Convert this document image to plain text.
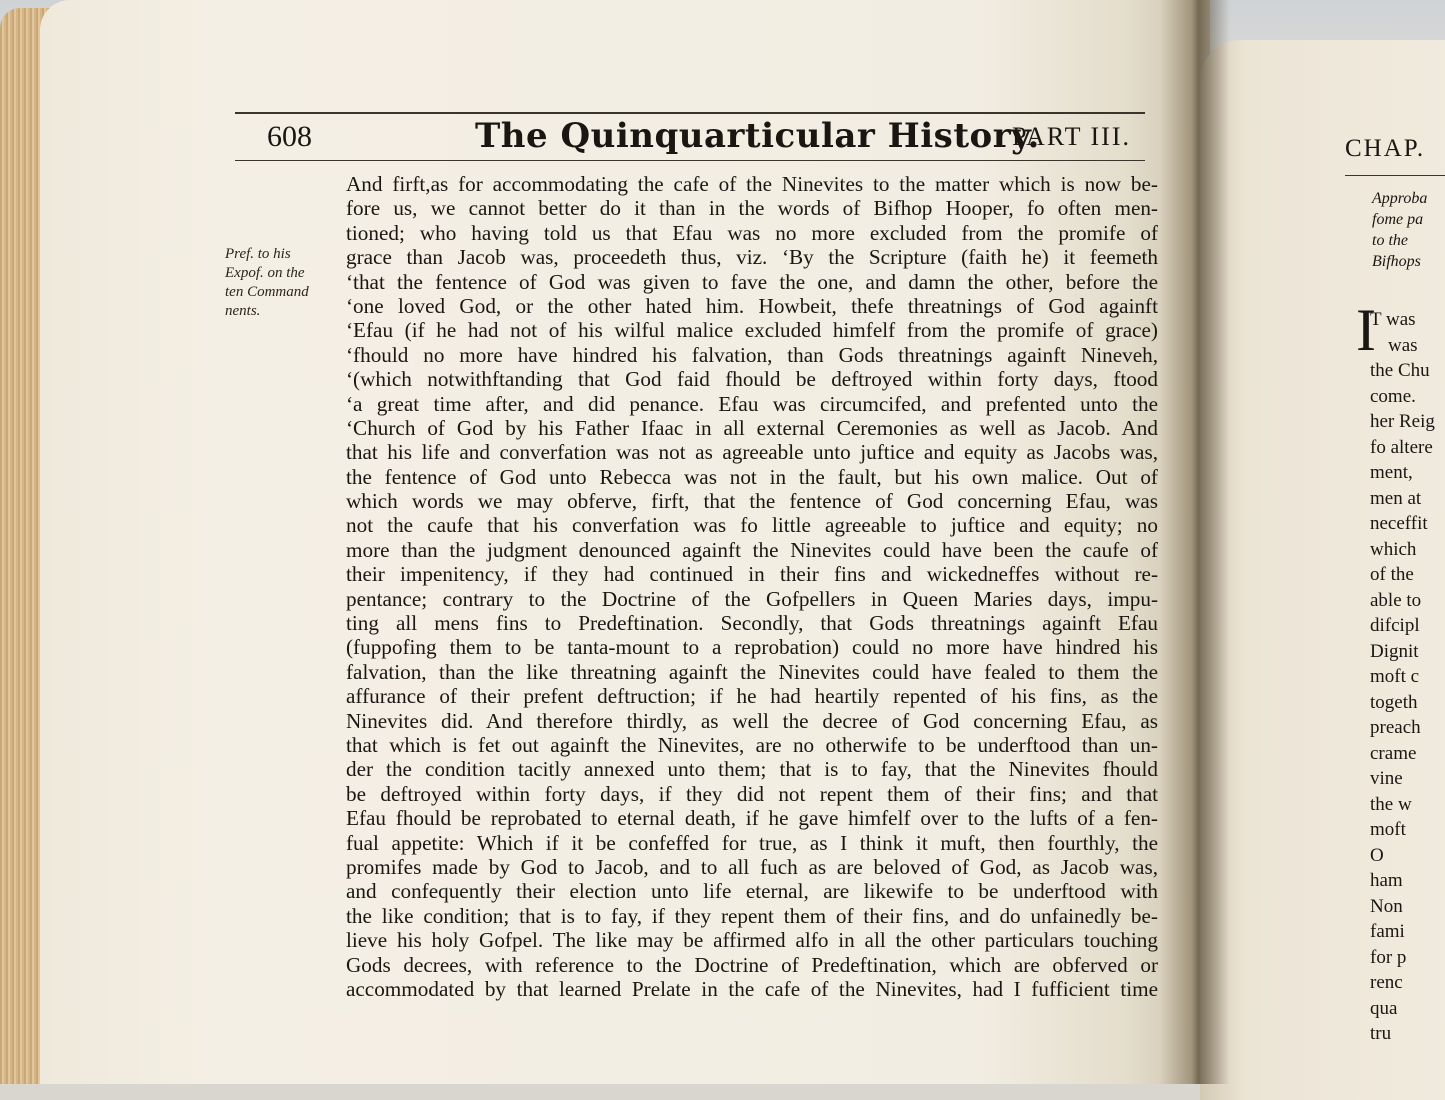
608	The Quinquarticular History.
PART III.
Pref. to his
Expof. on the
ten Command
nents.
And firft,as for accommodating the cafe of the Ninevites to the matter which is now be-
fore us, we cannot better do it than in the words of Bifhop Hooper, fo often men-
tioned; who having told us that Efau was no more excluded from the promife of
grace than Jacob was, proceedeth thus, viz. ‘By the Scripture (faith he) it feemeth
‘that the fentence of God was given to fave the one, and damn the other, before the
‘one loved God, or the other hated him. Howbeit, thefe threatnings of God againft
‘Efau (if he had not of his wilful malice excluded himfelf from the promife of grace)
‘fhould no more have hindred his falvation, than Gods threatnings againft Nineveh,
‘(which notwithftanding that God faid fhould be deftroyed within forty days, ftood
‘a great time after, and did penance. Efau was circumcifed, and prefented unto the
‘Church of God by his Father Ifaac in all external Ceremonies as well as Jacob. And
that his life and converfation was not as agreeable unto juftice and equity as Jacobs was,
the fentence of God unto Rebecca was not in the fault, but his own malice. Out of
which words we may obferve, firft, that the fentence of God concerning Efau, was
not the caufe that his converfation was fo little agreeable to juftice and equity; no
more than the judgment denounced againft the Ninevites could have been the caufe of
their impenitency, if they had continued in their fins and wickedneffes without re-
pentance; contrary to the Doctrine of the Gofpellers in Queen Maries days, impu-
ting all mens fins to Predeftination. Secondly, that Gods threatnings againft Efau
(fuppofing them to be tanta-mount to a reprobation) could no more have hindred his
falvation, than the like threatning againft the Ninevites could have fealed to them the
affurance of their prefent deftruction; if he had heartily repented of his fins, as the
Ninevites did. And therefore thirdly, as well the decree of God concerning Efau, as
that which is fet out againft the Ninevites, are no otherwife to be underftood than un-
der the condition tacitly annexed unto them; that is to fay, that the Ninevites fhould
be deftroyed within forty days, if they did not repent them of their fins; and that
Efau fhould be reprobated to eternal death, if he gave himfelf over to the lufts of a fen-
fual appetite: Which if it be confeffed for true, as I think it muft, then fourthly, the
promifes made by God to Jacob, and to all fuch as are beloved of God, as Jacob was,
and confequently their election unto life eternal, are likewife to be underftood with
the like condition; that is to fay, if they repent them of their fins, and do unfainedly be-
lieve his holy Gofpel. The like may be affirmed alfo in all the other particulars touching
Gods decrees, with reference to the Doctrine of Predeftination, which are obferved or
accommodated by that learned Prelate in the cafe of the Ninevites, had I fufficient time
CHAP.
Approba
fome pa
to the
Bifhops
I
T was
was
the Chu
come.
her Reig
fo altere
ment,
men at
neceffit
which
of the
able to
difcipl
Dignit
moft c
togeth
preach
crame
vine
the w
moft
O
ham
Non
fami
for p
renc
qua
tru
